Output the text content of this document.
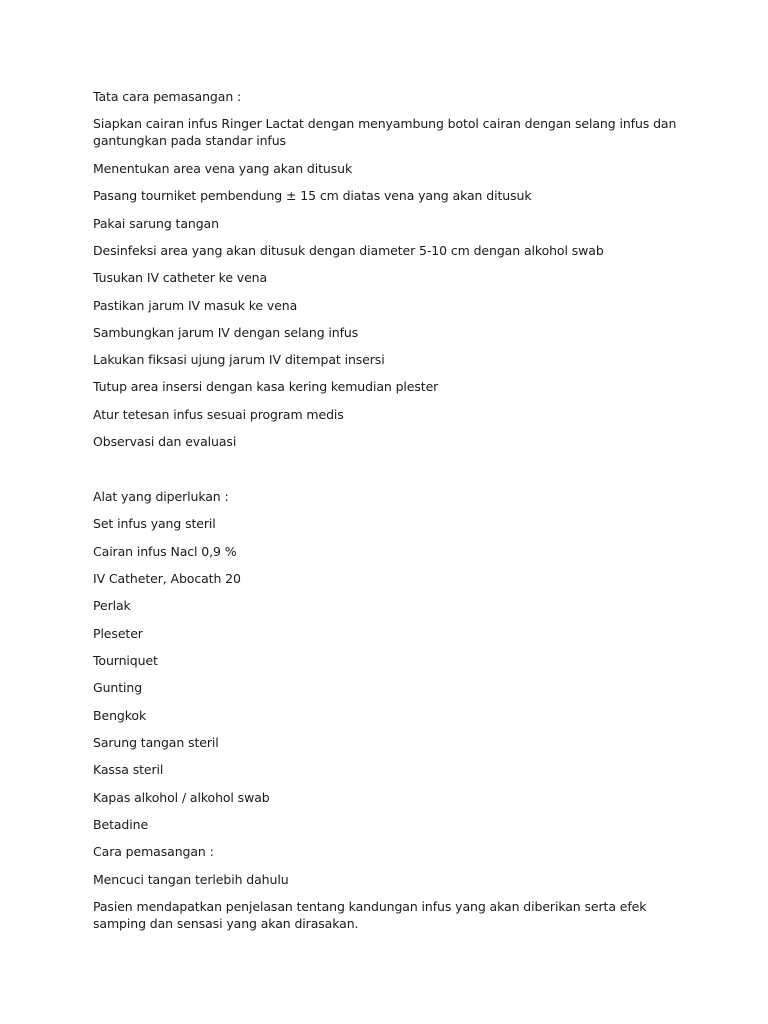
Tata cara pemasangan :
Siapkan cairan infus Ringer Lactat dengan menyambung botol cairan dengan selang infus dan gantungkan pada standar infus
Menentukan area vena yang akan ditusuk
Pasang tourniket pembendung ± 15 cm diatas vena yang akan ditusuk
Pakai sarung tangan
Desinfeksi area yang akan ditusuk dengan diameter 5-10 cm dengan alkohol swab
Tusukan IV catheter ke vena
Pastikan jarum IV masuk ke vena
Sambungkan jarum IV dengan selang infus
Lakukan fiksasi ujung jarum IV ditempat insersi
Tutup area insersi dengan kasa kering kemudian plester
Atur tetesan infus sesuai program medis
Observasi dan evaluasi
Alat yang diperlukan :
Set infus yang steril
Cairan infus Nacl 0,9 %
IV Catheter, Abocath 20
Perlak
Pleseter
Tourniquet
Gunting
Bengkok
Sarung tangan steril
Kassa steril
Kapas alkohol / alkohol swab
Betadine
Cara pemasangan :
Mencuci tangan terlebih dahulu
Pasien mendapatkan penjelasan tentang kandungan infus yang akan diberikan serta efek samping dan sensasi yang akan dirasakan.
